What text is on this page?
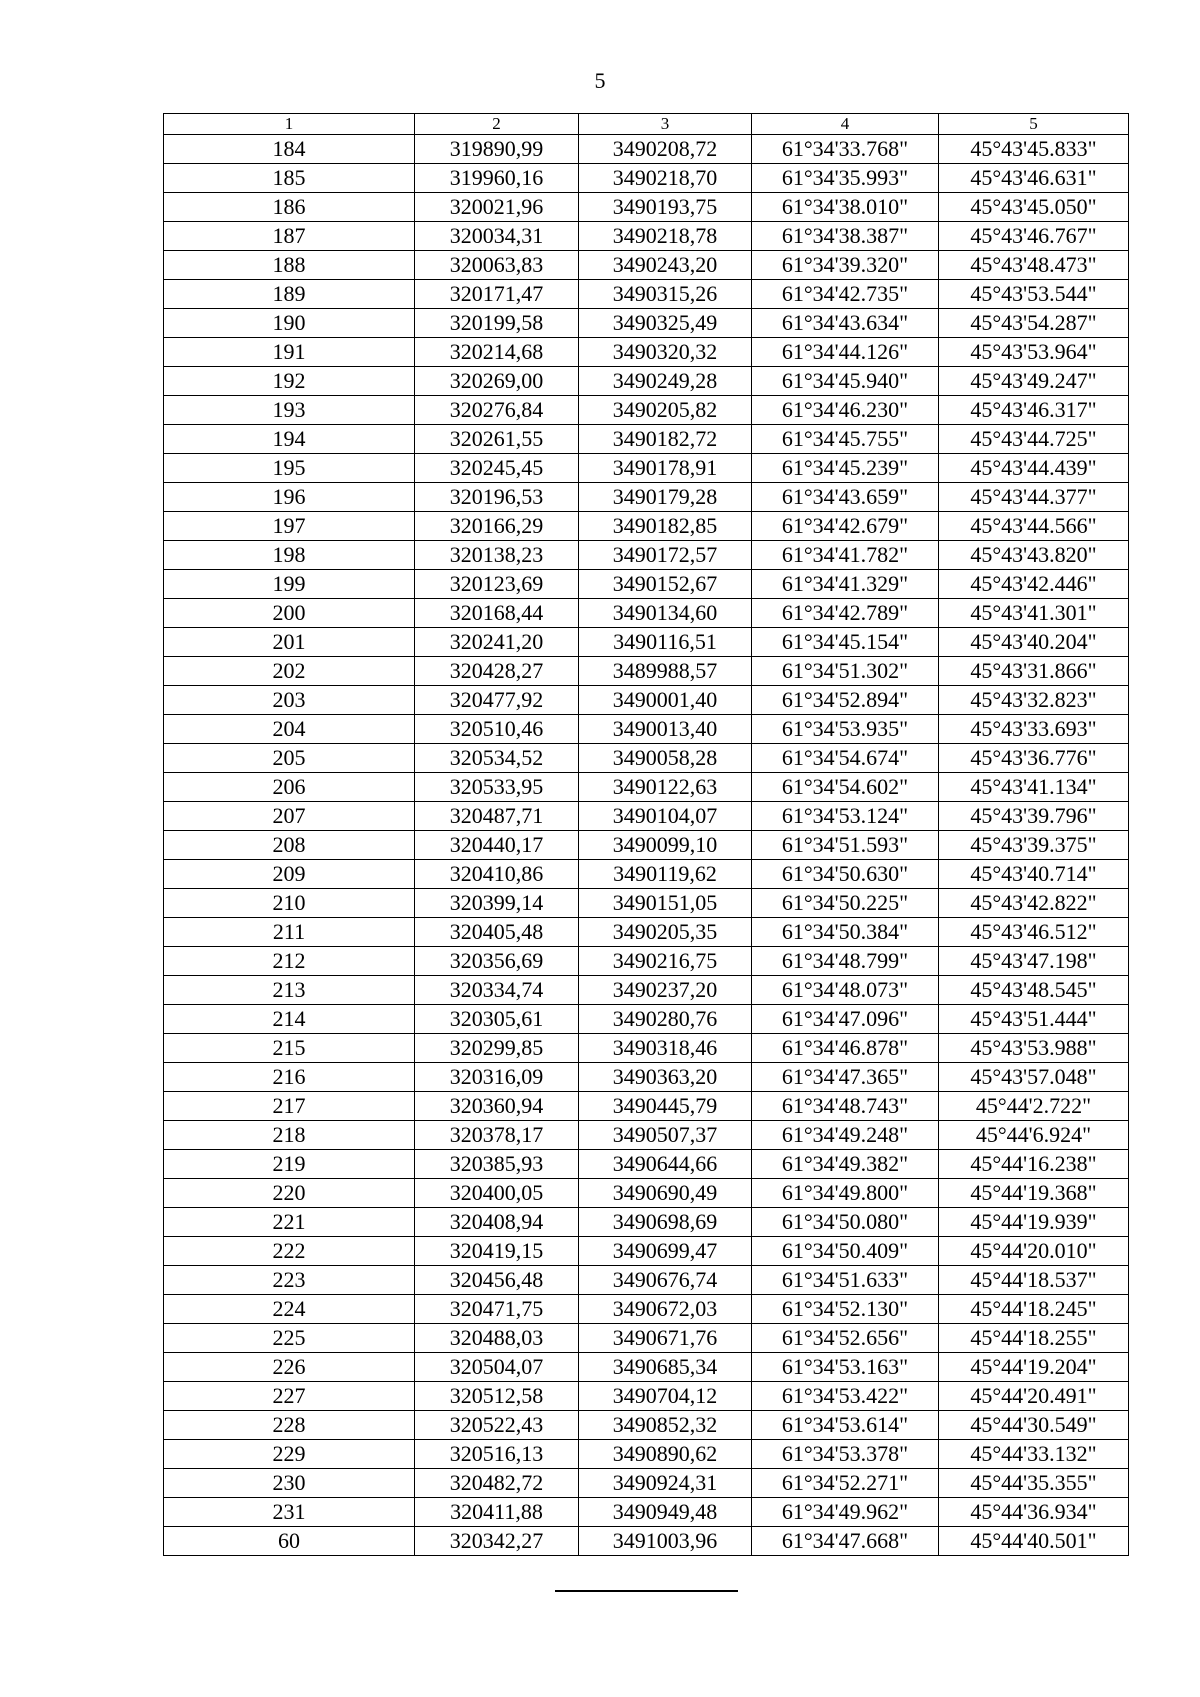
5
1	2	3	4	5
184	319890,99	3490208,72	61°34'33.768"	45°43'45.833"
185	319960,16	3490218,70	61°34'35.993"	45°43'46.631"
186	320021,96	3490193,75	61°34'38.010"	45°43'45.050"
187	320034,31	3490218,78	61°34'38.387"	45°43'46.767"
188	320063,83	3490243,20	61°34'39.320"	45°43'48.473"
189	320171,47	3490315,26	61°34'42.735"	45°43'53.544"
190	320199,58	3490325,49	61°34'43.634"	45°43'54.287"
191	320214,68	3490320,32	61°34'44.126"	45°43'53.964"
192	320269,00	3490249,28	61°34'45.940"	45°43'49.247"
193	320276,84	3490205,82	61°34'46.230"	45°43'46.317"
194	320261,55	3490182,72	61°34'45.755"	45°43'44.725"
195	320245,45	3490178,91	61°34'45.239"	45°43'44.439"
196	320196,53	3490179,28	61°34'43.659"	45°43'44.377"
197	320166,29	3490182,85	61°34'42.679"	45°43'44.566"
198	320138,23	3490172,57	61°34'41.782"	45°43'43.820"
199	320123,69	3490152,67	61°34'41.329"	45°43'42.446"
200	320168,44	3490134,60	61°34'42.789"	45°43'41.301"
201	320241,20	3490116,51	61°34'45.154"	45°43'40.204"
202	320428,27	3489988,57	61°34'51.302"	45°43'31.866"
203	320477,92	3490001,40	61°34'52.894"	45°43'32.823"
204	320510,46	3490013,40	61°34'53.935"	45°43'33.693"
205	320534,52	3490058,28	61°34'54.674"	45°43'36.776"
206	320533,95	3490122,63	61°34'54.602"	45°43'41.134"
207	320487,71	3490104,07	61°34'53.124"	45°43'39.796"
208	320440,17	3490099,10	61°34'51.593"	45°43'39.375"
209	320410,86	3490119,62	61°34'50.630"	45°43'40.714"
210	320399,14	3490151,05	61°34'50.225"	45°43'42.822"
211	320405,48	3490205,35	61°34'50.384"	45°43'46.512"
212	320356,69	3490216,75	61°34'48.799"	45°43'47.198"
213	320334,74	3490237,20	61°34'48.073"	45°43'48.545"
214	320305,61	3490280,76	61°34'47.096"	45°43'51.444"
215	320299,85	3490318,46	61°34'46.878"	45°43'53.988"
216	320316,09	3490363,20	61°34'47.365"	45°43'57.048"
217	320360,94	3490445,79	61°34'48.743"	45°44'2.722"
218	320378,17	3490507,37	61°34'49.248"	45°44'6.924"
219	320385,93	3490644,66	61°34'49.382"	45°44'16.238"
220	320400,05	3490690,49	61°34'49.800"	45°44'19.368"
221	320408,94	3490698,69	61°34'50.080"	45°44'19.939"
222	320419,15	3490699,47	61°34'50.409"	45°44'20.010"
223	320456,48	3490676,74	61°34'51.633"	45°44'18.537"
224	320471,75	3490672,03	61°34'52.130"	45°44'18.245"
225	320488,03	3490671,76	61°34'52.656"	45°44'18.255"
226	320504,07	3490685,34	61°34'53.163"	45°44'19.204"
227	320512,58	3490704,12	61°34'53.422"	45°44'20.491"
228	320522,43	3490852,32	61°34'53.614"	45°44'30.549"
229	320516,13	3490890,62	61°34'53.378"	45°44'33.132"
230	320482,72	3490924,31	61°34'52.271"	45°44'35.355"
231	320411,88	3490949,48	61°34'49.962"	45°44'36.934"
60	320342,27	3491003,96	61°34'47.668"	45°44'40.501"
